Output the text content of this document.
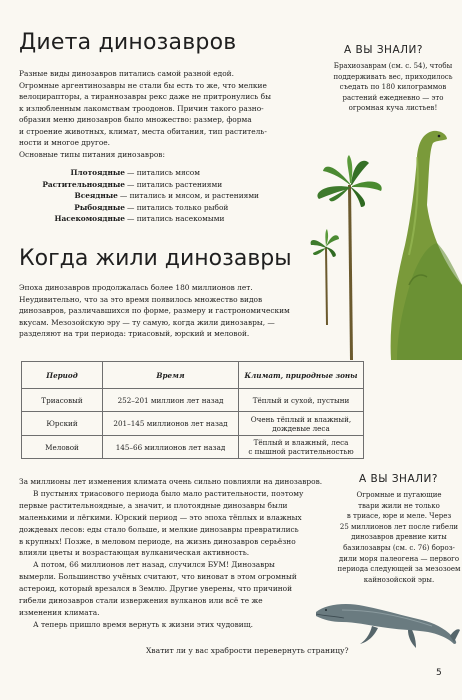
Диета динозавров
Разные виды динозавров питались самой разной едой.
Огромные аргентинозавры не стали бы есть то же, что мелкие
велоцирапторы, а тираннозавры рекс даже не притронулись бы
к излюбленным лакомствам троодонов. Причин такого разно-
образия меню динозавров было множество: размер, форма
и строение животных, климат, места обитания, тип раститель-
ности и многое другое.
Основные типы питания динозавров:
Плотоядные — питались мясом
Растительноядные — питались растениями
Всеядные — питались и мясом, и растениями
Рыбоядные — питались только рыбой
Насекомоядные — питались насекомыми
А ВЫ ЗНАЛИ?
Брахиозаврам (см. с. 54), чтобы
поддерживать вес, приходилось
съедать по 180 килограммов
растений ежедневно — это
огромная куча листьев!
Когда жили динозавры
Эпоха динозавров продолжалась более 180 миллионов лет.
Неудивительно, что за это время появилось множество видов
динозавров, различавшихся по форме, размеру и гастрономическим
вкусам. Мезозойскую эру — ту самую, когда жили динозавры, —
разделяют на три периода: триасовый, юрский и меловой.
Период	Время	Климат, природные зоны
Триасовый	252–201 миллион лет назад	Тёплый и сухой, пустыни

Юрский	201–145 миллионов лет назад	Очень тёплый и влажный,
дождевые леса

Меловой	145–66 миллионов лет назад	Тёплый и влажный, леса
с пышной растительностью
А ВЫ ЗНАЛИ?
Огромные и пугающие
твари жили не только
в триасе, юре и меле. Через
25 миллионов лет после гибели
динозавров древние киты
базилозавры (см. с. 76) бороз-
дили моря палеогена — первого
периода следующей за мезозоем
кайнозойской эры.
За миллионы лет изменения климата очень сильно повлияли на динозавров.
В пустынях триасового периода было мало растительности, поэтому
первые растительноядные, а значит, и плотоядные динозавры были
маленькими и лёгкими. Юрский период — это эпоха тёплых и влажных
дождевых лесов: еды стало больше, и мелкие динозавры превратились
в крупных! Позже, в меловом периоде, на жизнь динозавров серьёзно
влияли цветы и возрастающая вулканическая активность.
А потом, 66 миллионов лет назад, случился БУМ! Динозавры
вымерли. Большинство учёных считают, что виноват в этом огромный
астероид, который врезался в Землю. Другие уверены, что причиной
гибели динозавров стали извержения вулканов или всё те же
изменения климата.
А теперь пришло время вернуть к жизни этих чудовищ.
Хватит ли у вас храбрости перевернуть страницу?
5
